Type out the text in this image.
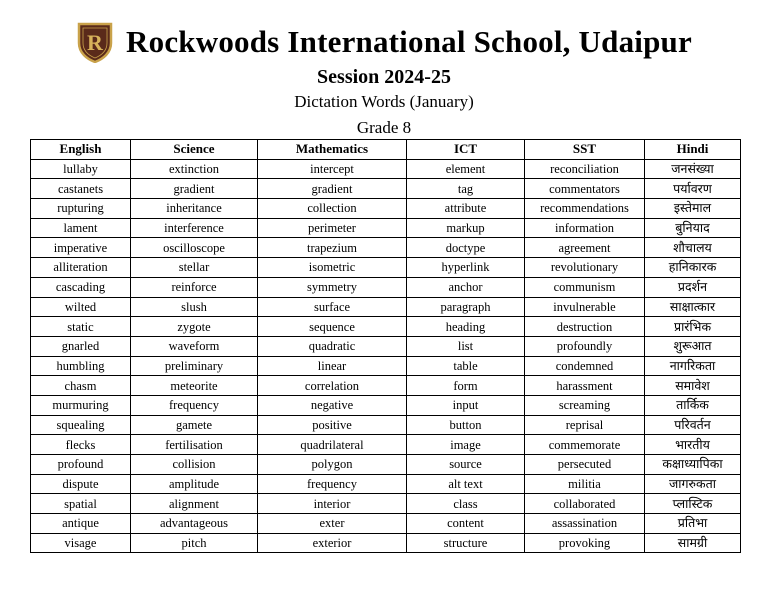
R Rockwoods International School, Udaipur
Session 2024-25
Dictation Words (January)
Grade 8
English	Science	Mathematics	ICT	SST	Hindi
lullaby	extinction	intercept	element	reconciliation	जनसंख्या
castanets	gradient	gradient	tag	commentators	पर्यावरण
rupturing	inheritance	collection	attribute	recommendations	इस्तेमाल
lament	interference	perimeter	markup	information	बुनियाद
imperative	oscilloscope	trapezium	doctype	agreement	शौचालय
alliteration	stellar	isometric	hyperlink	revolutionary	हानिकारक
cascading	reinforce	symmetry	anchor	communism	प्रदर्शन
wilted	slush	surface	paragraph	invulnerable	साक्षात्कार
static	zygote	sequence	heading	destruction	प्रारंभिक
gnarled	waveform	quadratic	list	profoundly	शुरूआत
humbling	preliminary	linear	table	condemned	नागरिकता
chasm	meteorite	correlation	form	harassment	समावेश
murmuring	frequency	negative	input	screaming	तार्किक
squealing	gamete	positive	button	reprisal	परिवर्तन
flecks	fertilisation	quadrilateral	image	commemorate	भारतीय
profound	collision	polygon	source	persecuted	कक्षाध्यापिका
dispute	amplitude	frequency	alt text	militia	जागरुकता
spatial	alignment	interior	class	collaborated	प्लास्टिक
antique	advantageous	exter	content	assassination	प्रतिभा
visage	pitch	exterior	structure	provoking	सामग्री
